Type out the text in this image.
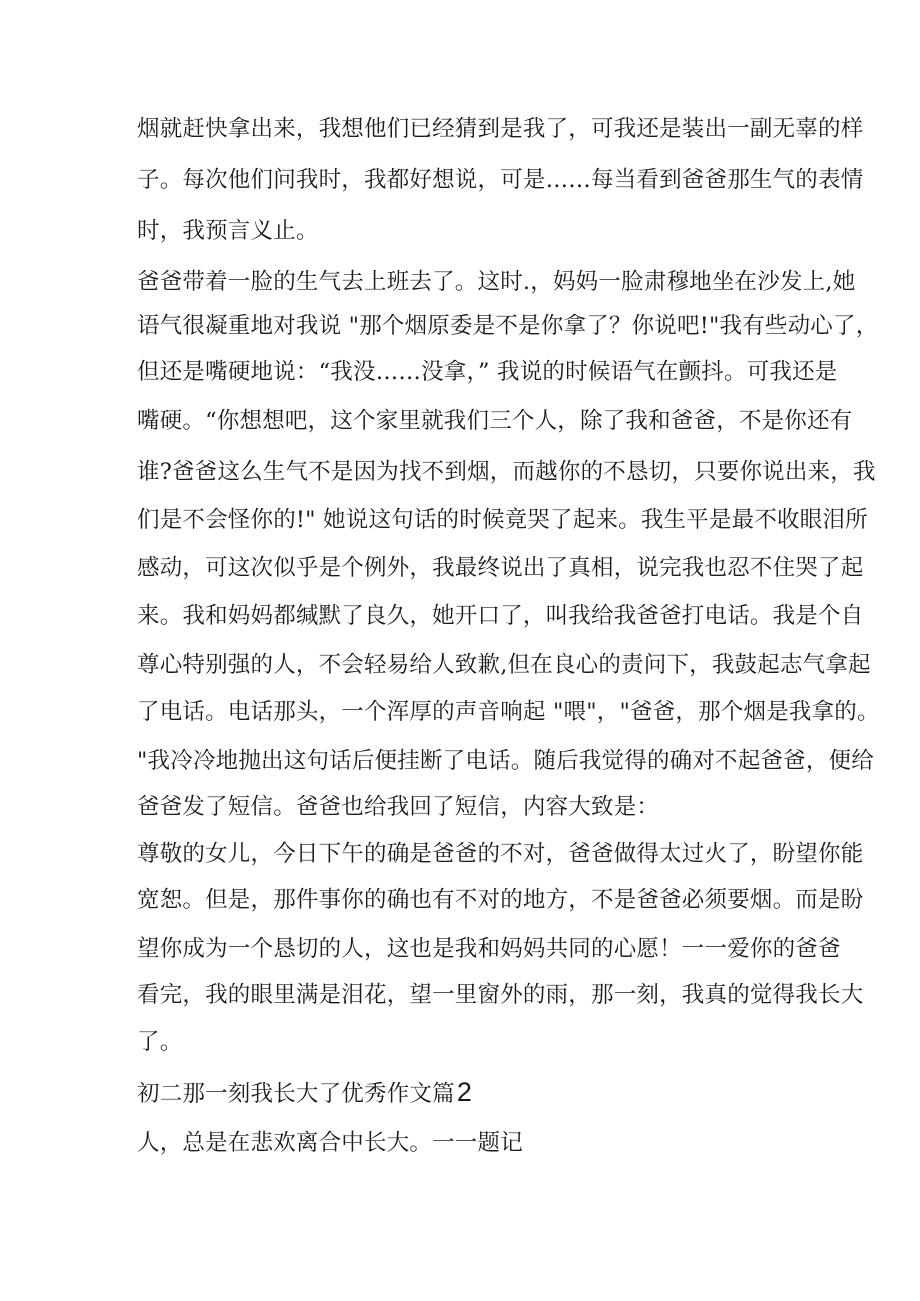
烟就赶快拿出来，我想他们已经猜到是我了，可我还是装出一副无辜的样
子。每次他们问我时，我都好想说，可是……每当看到爸爸那生气的表情
时，我预言义止。
爸爸带着一脸的生气去上班去了。这时.，妈妈一脸肃穆地坐在沙发上,她
语气很凝重地对我说 "那个烟原委是不是你拿了？你说吧!"我有些动心了，
但还是嘴硬地说：“我没……没拿，” 我说的时候语气在颤抖。可我还是
嘴硬。“你想想吧，这个家里就我们三个人，除了我和爸爸，不是你还有
谁?爸爸这么生气不是因为找不到烟，而越你的不恳切，只要你说出来，我
们是不会怪你的!" 她说这句话的时候竟哭了起来。我生平是最不收眼泪所
感动，可这次似乎是个例外，我最终说出了真相，说完我也忍不住哭了起
来。我和妈妈都缄默了良久，她开口了，叫我给我爸爸打电话。我是个自
尊心特别强的人，不会轻易给人致歉,但在良心的责问下，我鼓起志气拿起
了电话。电话那头，一个浑厚的声音响起 "喂"，"爸爸，那个烟是我拿的。
"我冷冷地抛出这句话后便挂断了电话。随后我觉得的确对不起爸爸，便给
爸爸发了短信。爸爸也给我回了短信，内容大致是：
尊敬的女儿，今日下午的确是爸爸的不对，爸爸做得太过火了，盼望你能
宽恕。但是，那件事你的确也有不对的地方，不是爸爸必须要烟。而是盼
望你成为一个恳切的人，这也是我和妈妈共同的心愿！一一爱你的爸爸
看完，我的眼里满是泪花，望一里窗外的雨，那一刻，我真的觉得我长大
了。
初二那一刻我长大了优秀作文篇2
人，总是在悲欢离合中长大。一一题记
